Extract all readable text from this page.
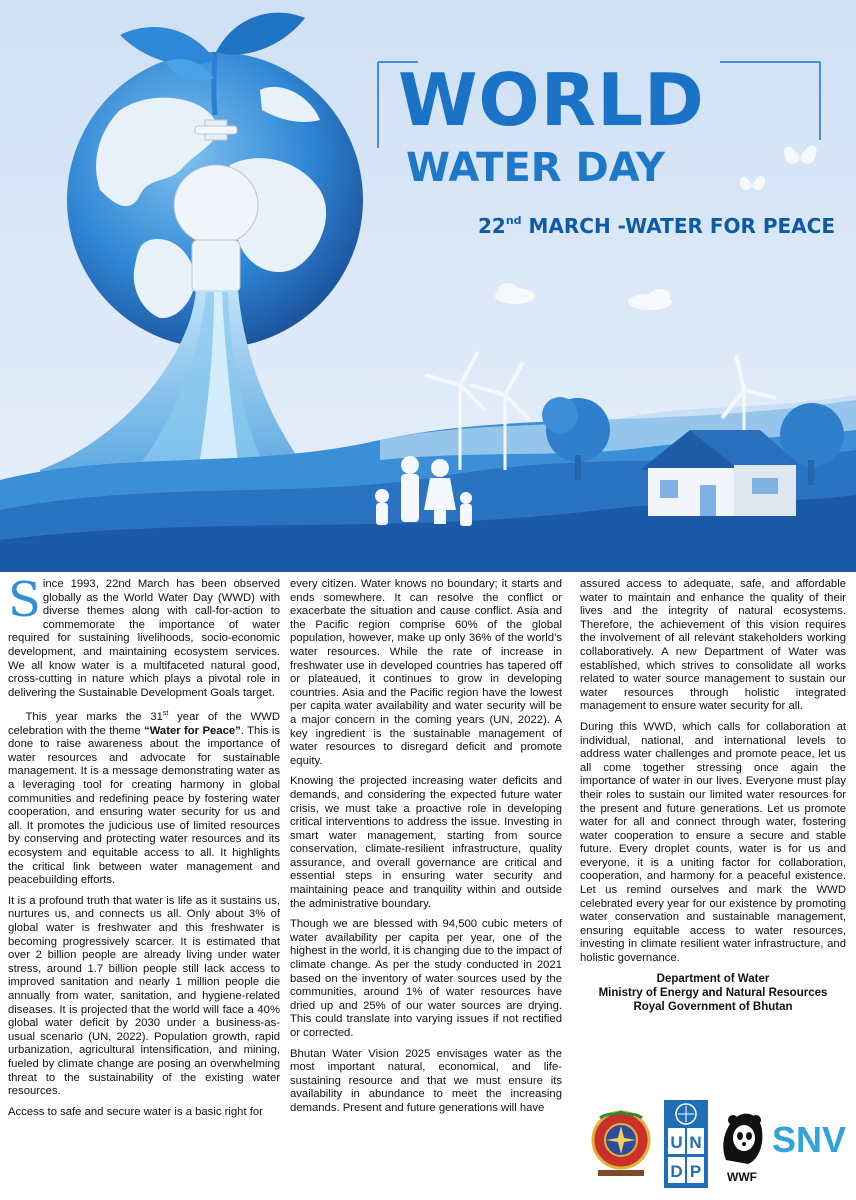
WORLD
WATER DAY
22nd MARCH -WATER FOR PEACE

Since 1993, 22nd March has been observed globally as the World Water Day (WWD) with diverse themes along with call-for-action to commemorate the importance of water required for sustaining livelihoods, socio-economic development, and maintaining ecosystem services. We all know water is a multifaceted natural good, cross-cutting in nature which plays a pivotal role in delivering the Sustainable Development Goals target.

This year marks the 31st year of the WWD celebration with the theme “Water for Peace”. This is done to raise awareness about the importance of water resources and advocate for sustainable management. It is a message demonstrating water as a leveraging tool for creating harmony in global communities and redefining peace by fostering water cooperation, and ensuring water security for us and all. It promotes the judicious use of limited resources by conserving and protecting water resources and its ecosystem and equitable access to all. It highlights the critical link between water management and peacebuilding efforts.

It is a profound truth that water is life as it sustains us, nurtures us, and connects us all. Only about 3% of global water is freshwater and this freshwater is becoming progressively scarcer. It is estimated that over 2 billion people are already living under water stress, around 1.7 billion people still lack access to improved sanitation and nearly 1 million people die annually from water, sanitation, and hygiene-related diseases. It is projected that the world will face a 40% global water deficit by 2030 under a business-as-usual scenario (UN, 2022). Population growth, rapid urbanization, agricultural intensification, and mining, fueled by climate change are posing an overwhelming threat to the sustainability of the existing water resources.

Access to safe and secure water is a basic right for

every citizen. Water knows no boundary; it starts and ends somewhere. It can resolve the conflict or exacerbate the situation and cause conflict. Asia and the Pacific region comprise 60% of the global population, however, make up only 36% of the world’s water resources. While the rate of increase in freshwater use in developed countries has tapered off or plateaued, it continues to grow in developing countries. Asia and the Pacific region have the lowest per capita water availability and water security will be a major concern in the coming years (UN, 2022). A key ingredient is the sustainable management of water resources to disregard deficit and promote equity.

Knowing the projected increasing water deficits and demands, and considering the expected future water crisis, we must take a proactive role in developing critical interventions to address the issue. Investing in smart water management, starting from source conservation, climate-resilient infrastructure, quality assurance, and overall governance are critical and essential steps in ensuring water security and maintaining peace and tranquility within and outside the administrative boundary.

Though we are blessed with 94,500 cubic meters of water availability per capita per year, one of the highest in the world, it is changing due to the impact of climate change. As per the study conducted in 2021 based on the inventory of water sources used by the communities, around 1% of water resources have dried up and 25% of our water sources are drying. This could translate into varying issues if not rectified or corrected.

Bhutan Water Vision 2025 envisages water as the most important natural, economical, and life-sustaining resource and that we must ensure its availability in abundance to meet the increasing demands. Present and future generations will have

assured access to adequate, safe, and affordable water to maintain and enhance the quality of their lives and the integrity of natural ecosystems. Therefore, the achievement of this vision requires the involvement of all relevant stakeholders working collaboratively. A new Department of Water was established, which strives to consolidate all works related to water source management to sustain our water resources through holistic integrated management to ensure water security for all.

During this WWD, which calls for collaboration at individual, national, and international levels to address water challenges and promote peace, let us all come together stressing once again the importance of water in our lives. Everyone must play their roles to sustain our limited water resources for the present and future generations. Let us promote water for all and connect through water, fostering water cooperation to ensure a secure and stable future. Every droplet counts, water is for us and everyone, it is a uniting factor for collaboration, cooperation, and harmony for a peaceful existence. Let us remind ourselves and mark the WWD celebrated every year for our existence by promoting water conservation and sustainable management, ensuring equitable access to water resources, investing in climate resilient water infrastructure, and holistic governance.

Department of Water
Ministry of Energy and Natural Resources
Royal Government of Bhutan
U N
D P WWF
SNV
